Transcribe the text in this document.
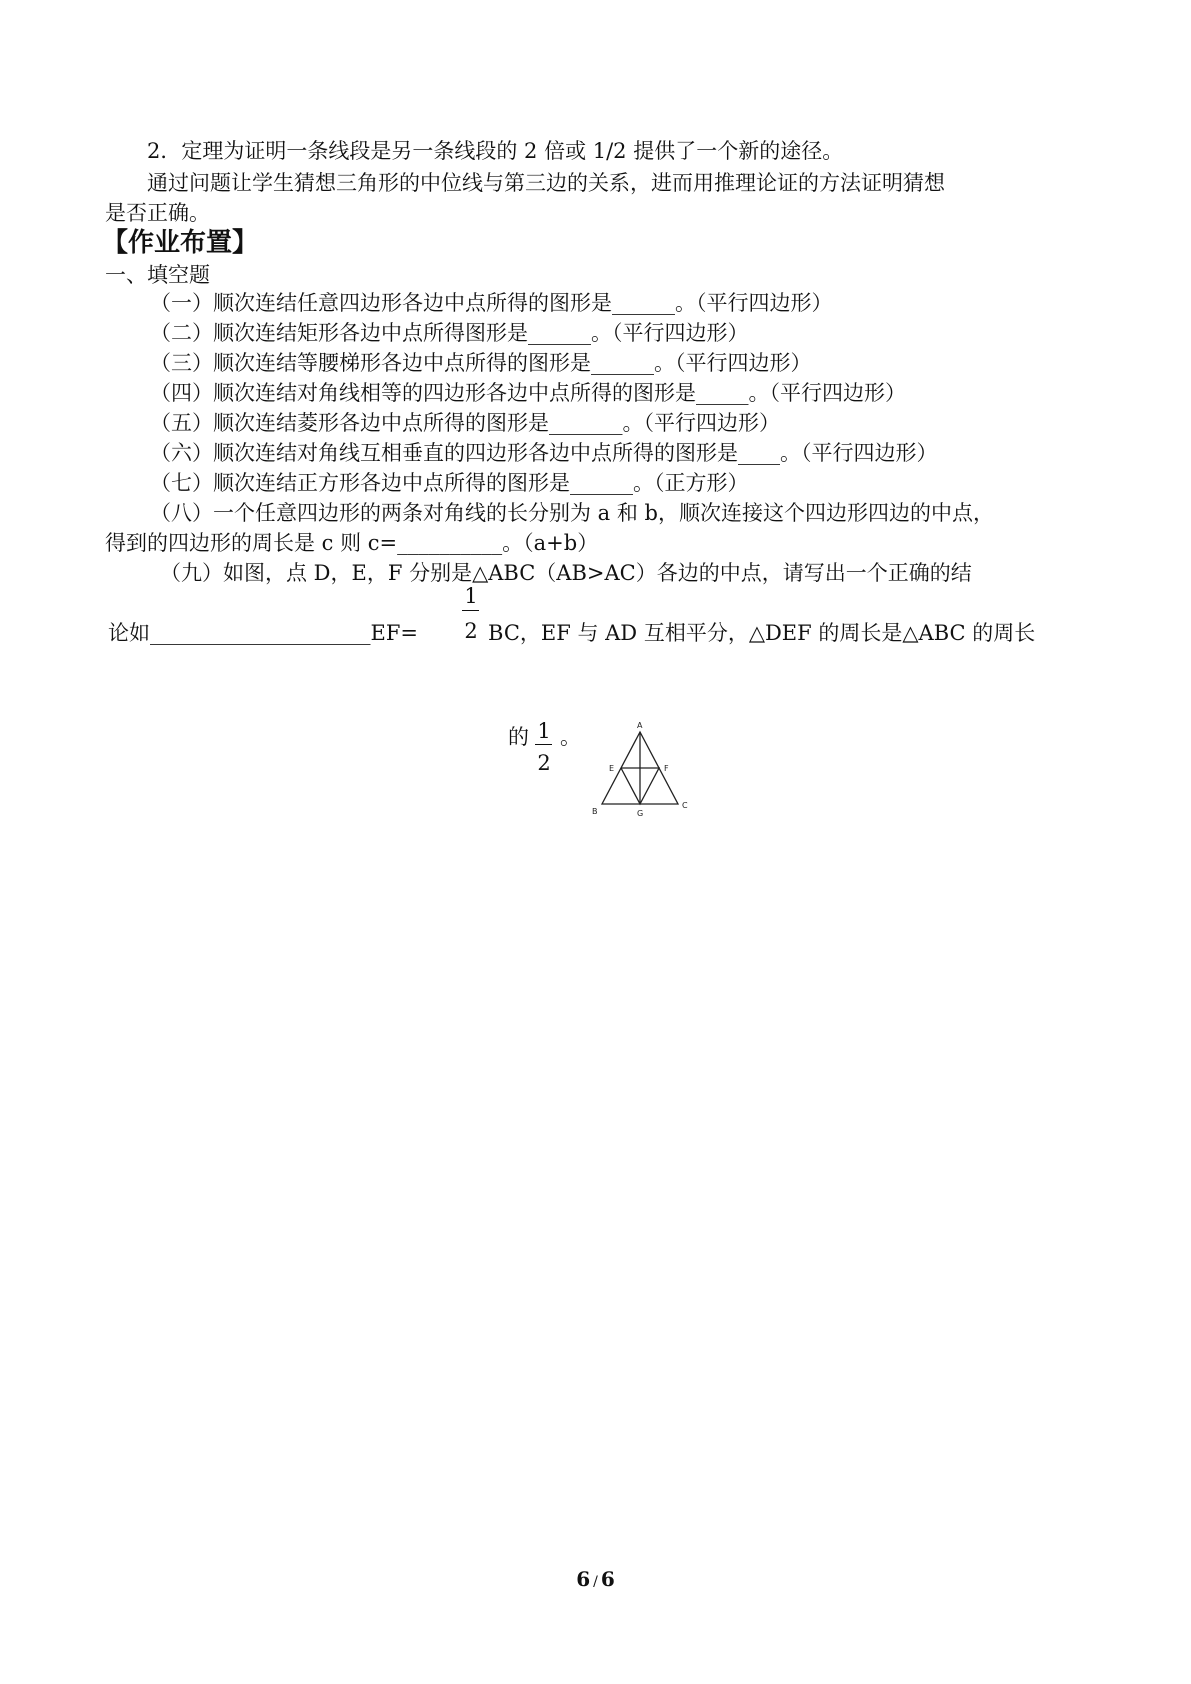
2．定理为证明一条线段是另一条线段的 2 倍或 1/2 提供了一个新的途径。
通过问题让学生猜想三角形的中位线与第三边的关系，进而用推理论证的方法证明猜想
是否正确。
【作业布置】
一、填空题
（一）顺次连结任意四边形各边中点所得的图形是______。（平行四边形）
（二）顺次连结矩形各边中点所得图形是______。（平行四边形）
（三）顺次连结等腰梯形各边中点所得的图形是______。（平行四边形）
（四）顺次连结对角线相等的四边形各边中点所得的图形是_____。（平行四边形）
（五）顺次连结菱形各边中点所得的图形是_______。（平行四边形）
（六）顺次连结对角线互相垂直的四边形各边中点所得的图形是____。（平行四边形）
（七）顺次连结正方形各边中点所得的图形是______。（正方形）
（八）一个任意四边形的两条对角线的长分别为 a 和 b，顺次连接这个四边形四边的中点，
得到的四边形的周长是 c 则 c=__________。（a+b）
（九）如图，点 D，E，F 分别是△ABC（AB>AC）各边的中点，请写出一个正确的结
论如_____________________EF=
1
2 BC，EF 与 AD 互相平分，△DEF 的周长是△ABC 的周长
的 1
2
。	A
E	F
B	G
C
6 / 6
